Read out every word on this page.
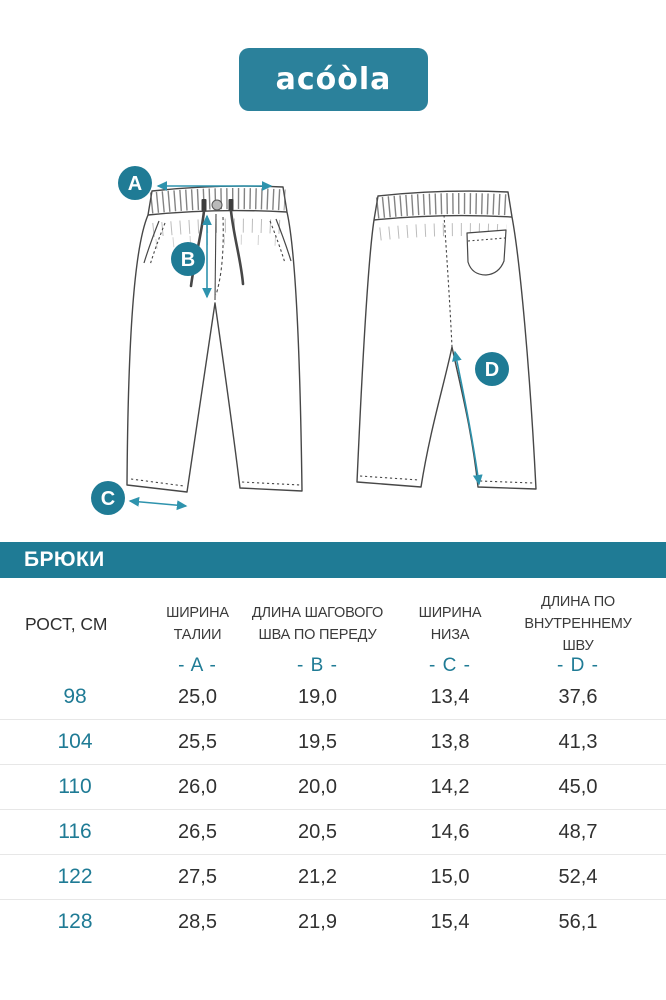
acóòla
A
B
C
D
БРЮКИ
РОСТ, СМ
ШИРИНА
ТАЛИИ
ДЛИНА ШАГОВОГО
ШВА ПО ПЕРЕДУ
ШИРИНА
НИЗА
ДЛИНА ПО
ВНУТРЕННЕМУ ШВУ
- A -	- B -	- C -	- D -
98	25,0	19,0	13,4	37,6
104	25,5	19,5	13,8	41,3
110	26,0	20,0	14,2	45,0
116	26,5	20,5	14,6	48,7
122	27,5	21,2	15,0	52,4
128	28,5	21,9	15,4	56,1
